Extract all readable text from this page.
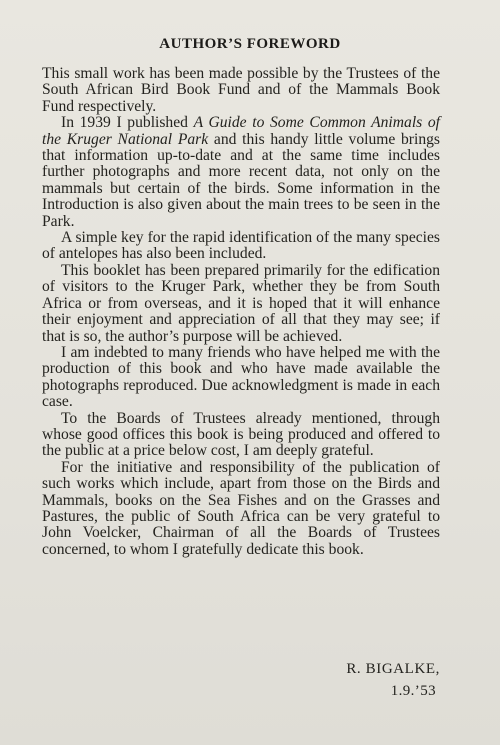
AUTHOR’S FOREWORD

This small work has been made possible by the Trustees of the South African Bird Book Fund and of the Mammals Book Fund respectively.

In 1939 I published A Guide to Some Common Animals of the Kruger National Park and this handy little volume brings that information up-to-date and at the same time includes further photographs and more recent data, not only on the mammals but certain of the birds. Some information in the Introduction is also given about the main trees to be seen in the Park.

A simple key for the rapid identification of the many species of antelopes has also been included.

This booklet has been prepared primarily for the edification of visitors to the Kruger Park, whether they be from South Africa or from overseas, and it is hoped that it will enhance their enjoyment and appreciation of all that they may see; if that is so, the author’s purpose will be achieved.

I am indebted to many friends who have helped me with the production of this book and who have made available the photographs reproduced. Due acknowledgment is made in each case.

To the Boards of Trustees already mentioned, through whose good offices this book is being produced and offered to the public at a price below cost, I am deeply grateful.

For the initiative and responsibility of the publication of such works which include, apart from those on the Birds and Mammals, books on the Sea Fishes and on the Grasses and Pastures, the public of South Africa can be very grateful to John Voelcker, Chairman of all the Boards of Trustees concerned, to whom I gratefully dedicate this book.

R. BIGALKE,

1.9.’53
